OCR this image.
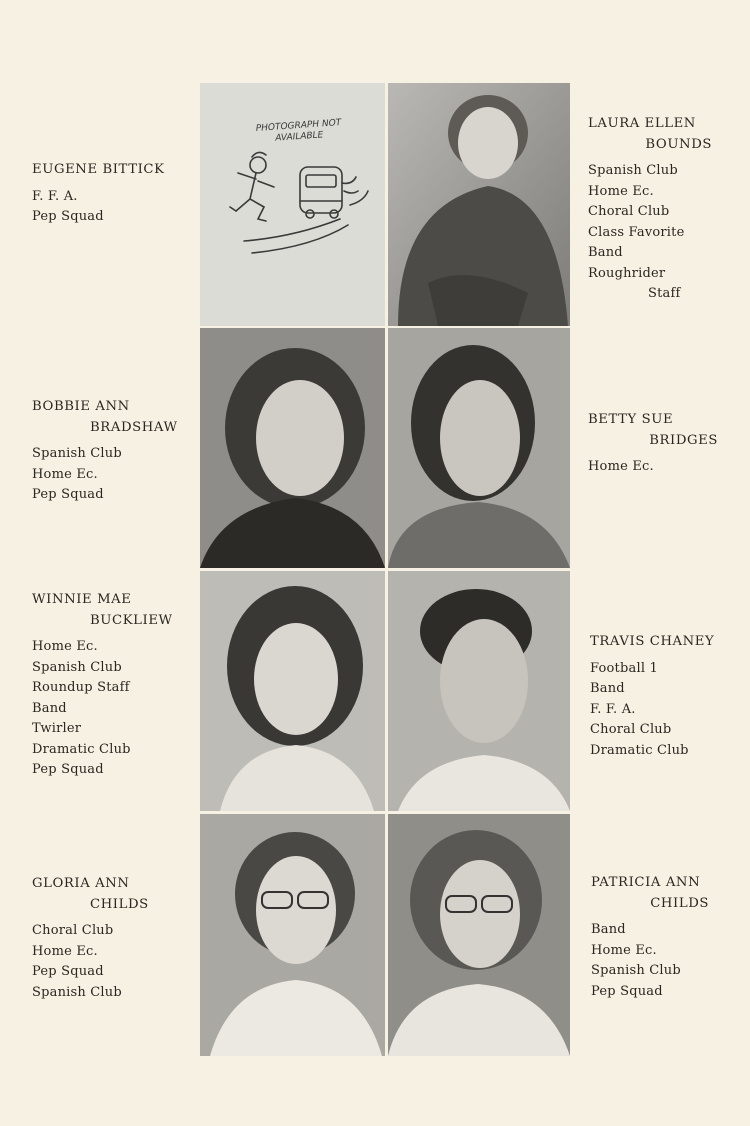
EUGENE BITTICK
F. F. A.
Pep Squad
PHOTOGRAPH NOT AVAILABLE
LAURA ELLEN
BOUNDS
Spanish Club
Home Ec.
Choral Club
Class Favorite
Band
Roughrider
Staff
BOBBIE ANN
BRADSHAW
Spanish Club
Home Ec.
Pep Squad
BETTY SUE
BRIDGES
Home Ec.
WINNIE MAE
BUCKLIEW
Home Ec.
Spanish Club
Roundup Staff
Band
Twirler
Dramatic Club
Pep Squad
TRAVIS CHANEY
Football 1
Band
F. F. A.
Choral Club
Dramatic Club
GLORIA ANN
CHILDS
Choral Club
Home Ec.
Pep Squad
Spanish Club
PATRICIA ANN
CHILDS
Band
Home Ec.
Spanish Club
Pep Squad
